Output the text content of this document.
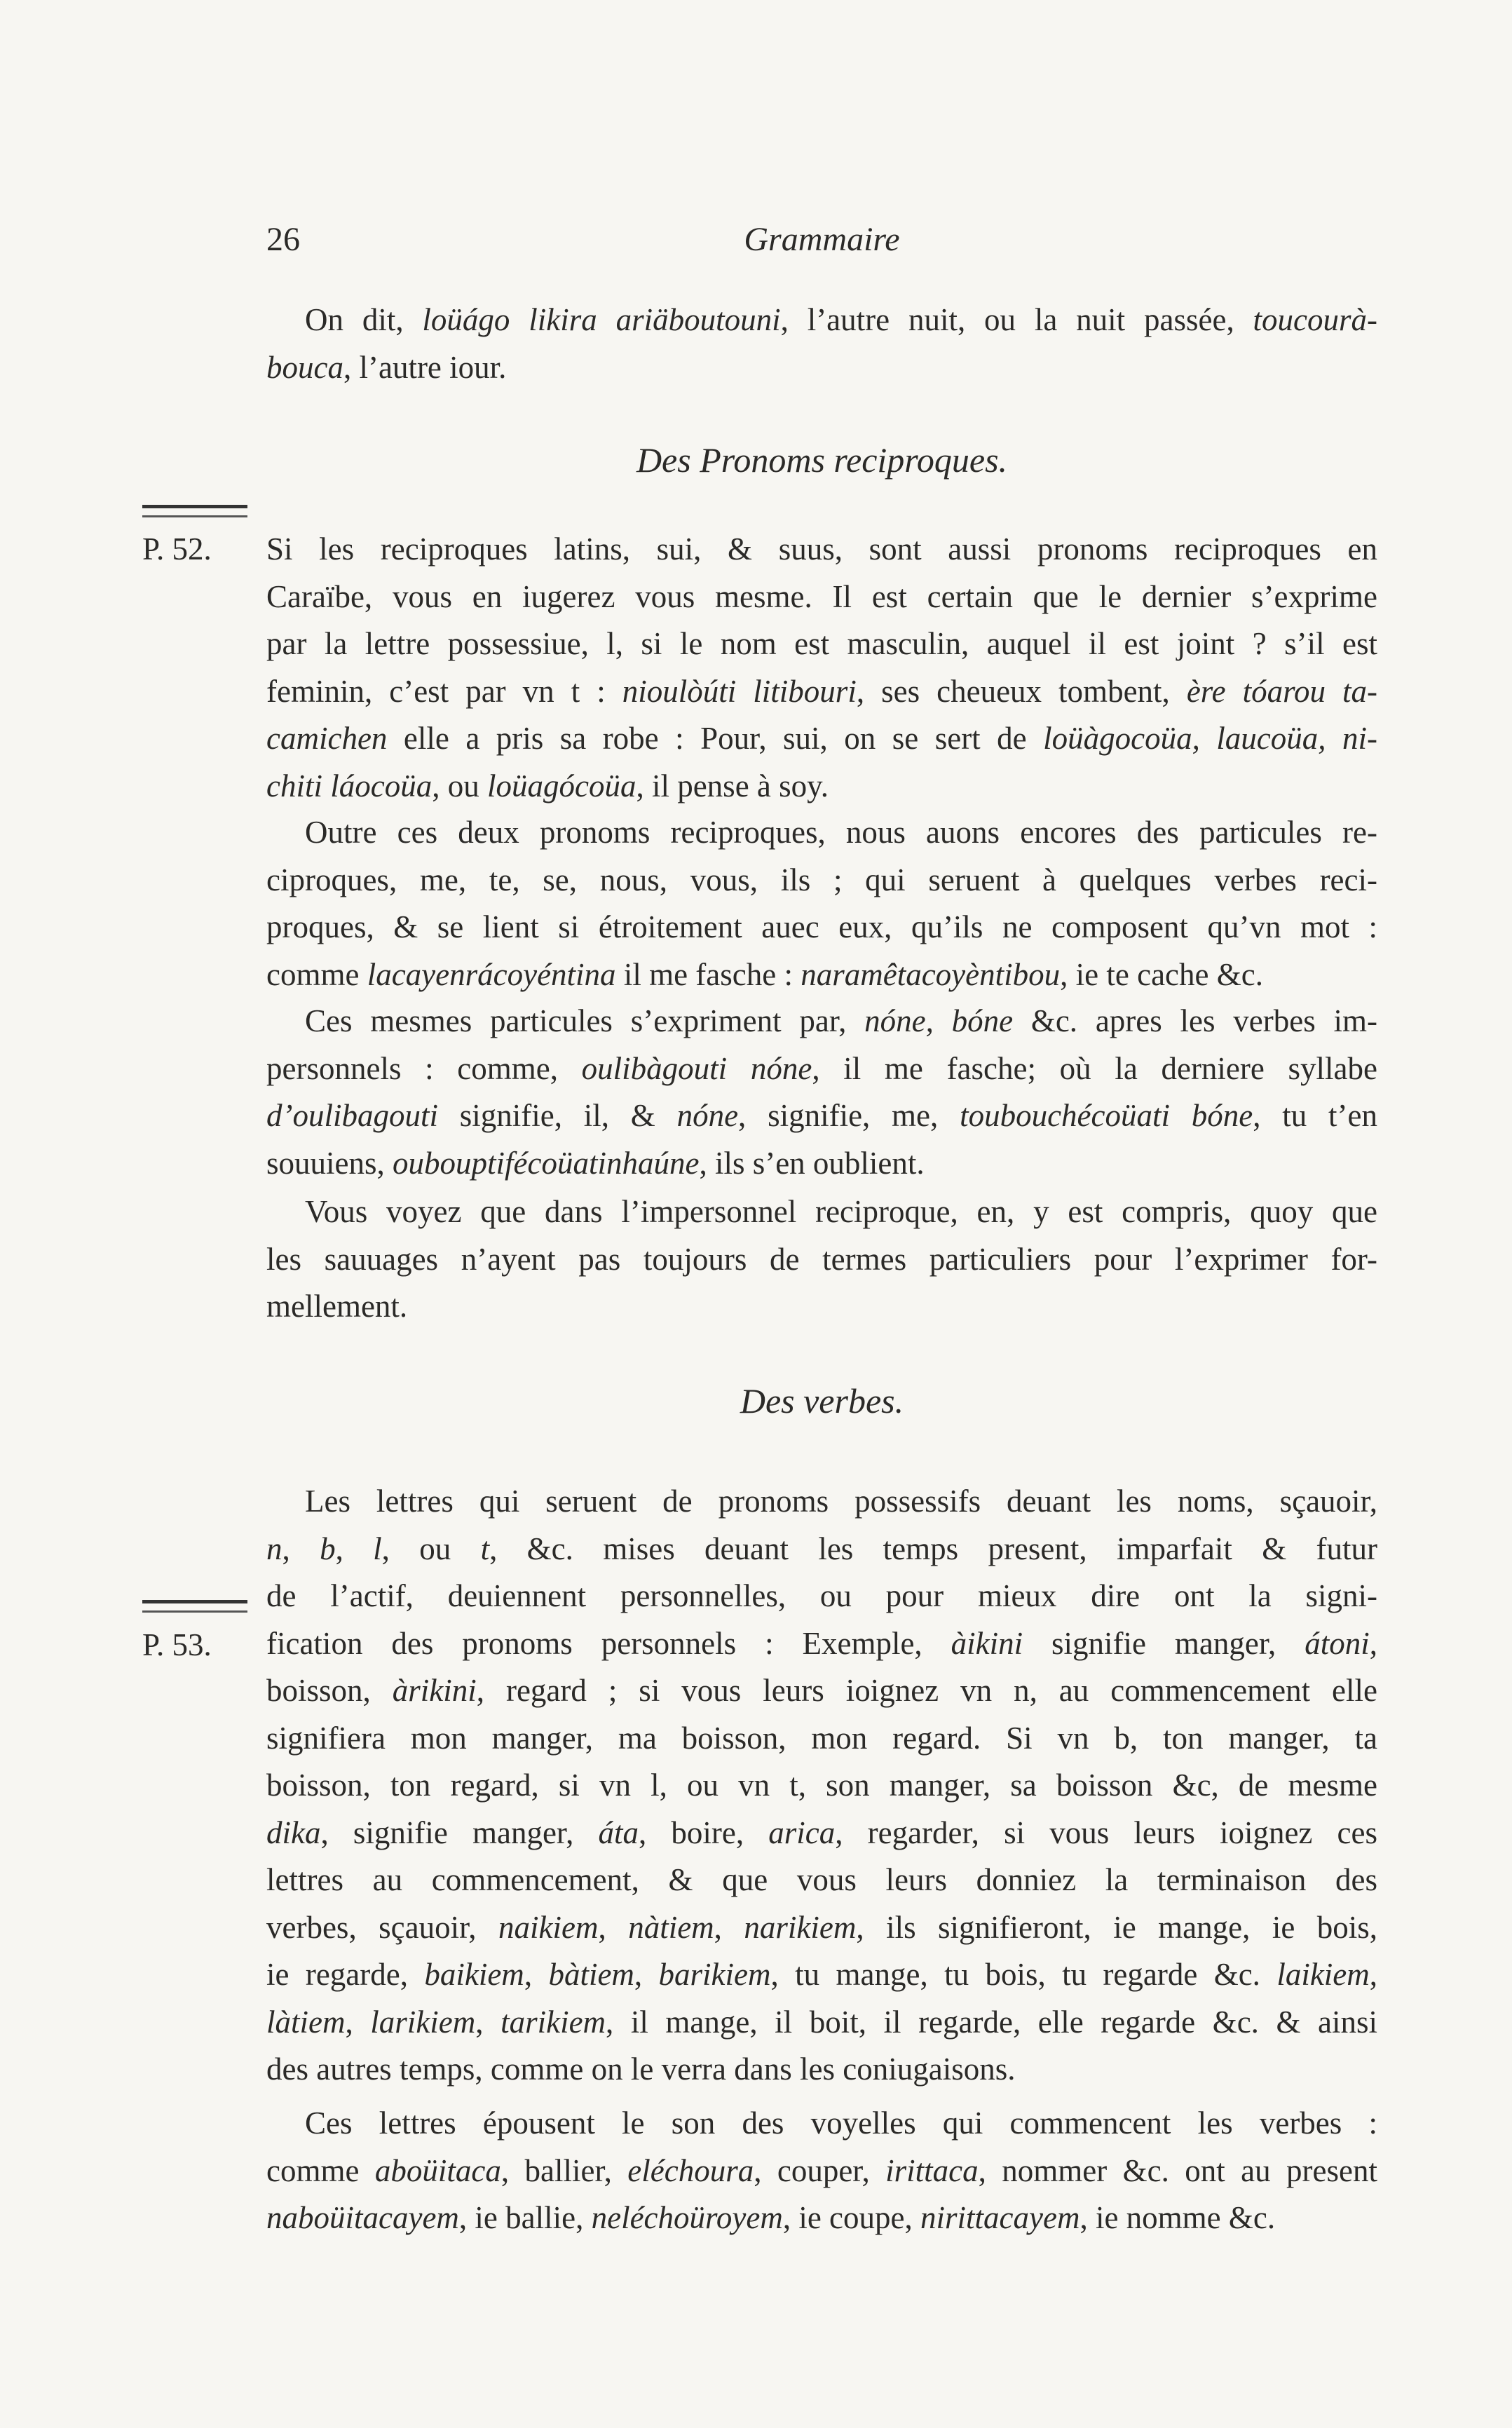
26	Grammaire
Des Pronoms reciproques.
Des verbes.
P. 52.
P. 53.
On dit, loüágo likira ariäboutouni, l’autre nuit, ou la nuit passée, toucourà-
bouca, l’autre iour.
Si les reciproques latins, sui, & suus, sont aussi pronoms reciproques en
Caraïbe, vous en iugerez vous mesme. Il est certain que le dernier s’exprime
par la lettre possessiue, l, si le nom est masculin, auquel il est joint ? s’il est
feminin, c’est par vn t : nioulòúti litibouri, ses cheueux tombent, ère tóarou ta-
camichen elle a pris sa robe : Pour, sui, on se sert de loüàgocoüa, laucoüa, ni-
chiti láocoüa, ou loüagócoüa, il pense à soy.
Outre ces deux pronoms reciproques, nous auons encores des particules re-
ciproques, me, te, se, nous, vous, ils ; qui seruent à quelques verbes reci-
proques, & se lient si étroitement auec eux, qu’ils ne composent qu’vn mot :
comme lacayenrácoyéntina il me fasche : naramêtacoyèntibou, ie te cache &c.
Ces mesmes particules s’expriment par, nóne, bóne &c. apres les verbes im-
personnels : comme, oulibàgouti nóne, il me fasche; où la derniere syllabe
d’oulibagouti signifie, il, & nóne, signifie, me, toubouchécoüati bóne, tu t’en
souuiens, oubouptifécoüatinhaúne, ils s’en oublient.
Vous voyez que dans l’impersonnel reciproque, en, y est compris, quoy que
les sauuages n’ayent pas toujours de termes particuliers pour l’exprimer for-
mellement.
Les lettres qui seruent de pronoms possessifs deuant les noms, sçauoir,
n, b, l, ou t, &c. mises deuant les temps present, imparfait & futur
de l’actif, deuiennent personnelles, ou pour mieux dire ont la signi-
fication des pronoms personnels : Exemple, àikini signifie manger, átoni,
boisson, àrikini, regard ; si vous leurs ioignez vn n, au commencement elle
signifiera mon manger, ma boisson, mon regard. Si vn b, ton manger, ta
boisson, ton regard, si vn l, ou vn t, son manger, sa boisson &c, de mesme
dika, signifie manger, áta, boire, arica, regarder, si vous leurs ioignez ces
lettres au commencement, & que vous leurs donniez la terminaison des
verbes, sçauoir, naikiem, nàtiem, narikiem, ils signifieront, ie mange, ie bois,
ie regarde, baikiem, bàtiem, barikiem, tu mange, tu bois, tu regarde &c. laikiem,
làtiem, larikiem, tarikiem, il mange, il boit, il regarde, elle regarde &c. & ainsi
des autres temps, comme on le verra dans les coniugaisons.
Ces lettres épousent le son des voyelles qui commencent les verbes :
comme aboüitaca, ballier, eléchoura, couper, irittaca, nommer &c. ont au present
naboüitacayem, ie ballie, neléchoüroyem, ie coupe, nirittacayem, ie nomme &c.
